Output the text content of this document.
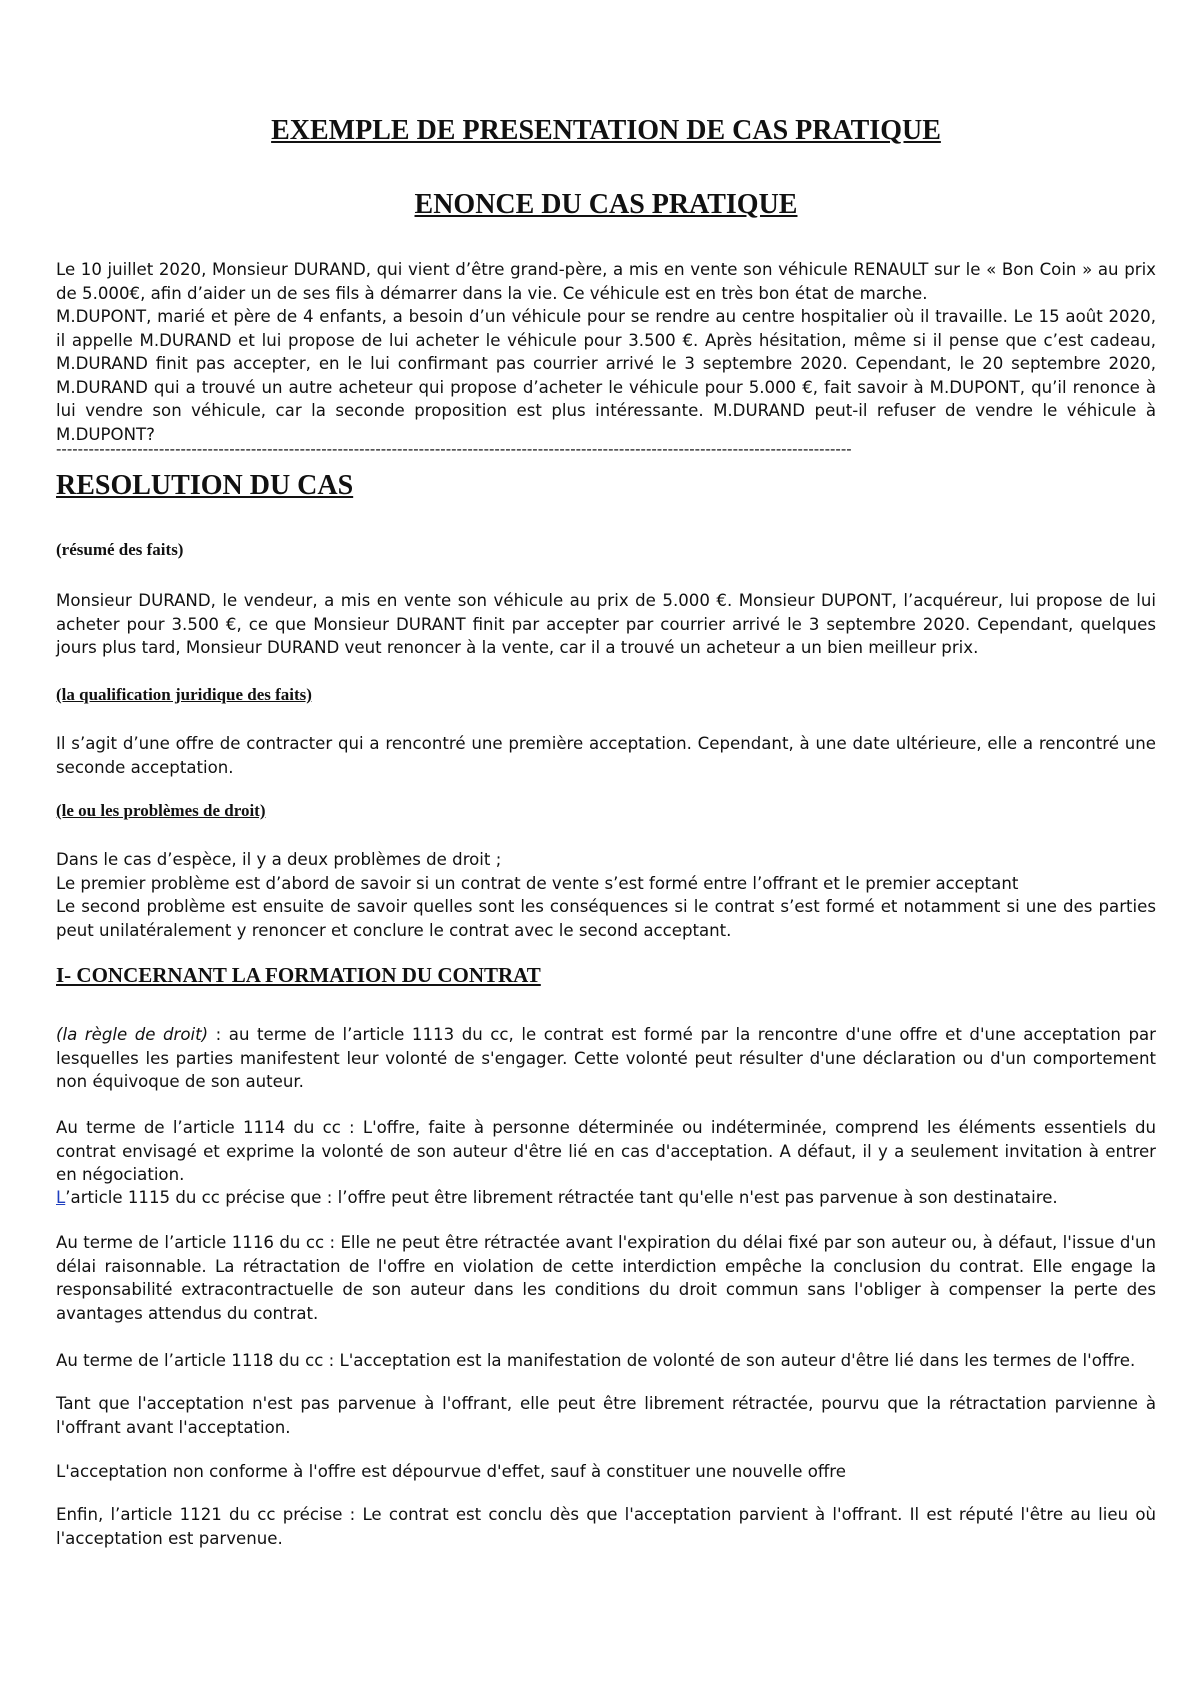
EXEMPLE DE PRESENTATION DE CAS PRATIQUE
ENONCE DU CAS PRATIQUE

Le 10 juillet 2020, Monsieur DURAND, qui vient d’être grand-père, a mis en vente son véhicule RENAULT sur le « Bon Coin » au prix de 5.000€, afin d’aider un de ses fils à démarrer dans la vie. Ce véhicule est en très bon état de marche.

M.DUPONT, marié et père de 4 enfants, a besoin d’un véhicule pour se rendre au centre hospitalier où il travaille. Le 15 août 2020, il appelle M.DURAND et lui propose de lui acheter le véhicule pour 3.500 €. Après hésitation, même si il pense que c’est cadeau, M.DURAND finit pas accepter, en le lui confirmant pas courrier arrivé le 3 septembre 2020. Cependant, le 20 septembre 2020, M.DURAND qui a trouvé un autre acheteur qui propose d’acheter le véhicule pour 5.000 €, fait savoir à M.DUPONT, qu’il renonce à lui vendre son véhicule, car la seconde proposition est plus intéressante. M.DURAND peut-il refuser de vendre le véhicule à M.DUPONT?

---------------------------------------------------------------------------------------------------------------------------------------------------
RESOLUTION DU CAS
(résumé des faits)
Monsieur DURAND, le vendeur, a mis en vente son véhicule au prix de 5.000 €. Monsieur DUPONT, l’acquéreur, lui propose de lui acheter pour 3.500 €, ce que Monsieur DURANT finit par accepter par courrier arrivé le 3 septembre 2020. Cependant, quelques jours plus tard, Monsieur DURAND veut renoncer à la vente, car il a trouvé un acheteur a un bien meilleur prix.
(la qualification juridique des faits)
Il s’agit d’une offre de contracter qui a rencontré une première acceptation. Cependant, à une date ultérieure, elle a rencontré une seconde acceptation.
(le ou les problèmes de droit)

Dans le cas d’espèce, il y a deux problèmes de droit ;

Le premier problème est d’abord de savoir si un contrat de vente s’est formé entre l’offrant et le premier acceptant

Le second problème est ensuite de savoir quelles sont les conséquences si le contrat s’est formé et notamment si une des parties peut unilatéralement y renoncer et conclure le contrat avec le second acceptant.

I- CONCERNANT LA FORMATION DU CONTRAT

(la règle de droit) : au terme de l’article 1113 du cc, le contrat est formé par la rencontre d'une offre et d'une acceptation par lesquelles les parties manifestent leur volonté de s'engager. Cette volonté peut résulter d'une déclaration ou d'un comportement non équivoque de son auteur.

Au terme de l’article 1114 du cc : L'offre, faite à personne déterminée ou indéterminée, comprend les éléments essentiels du contrat envisagé et exprime la volonté de son auteur d'être lié en cas d'acceptation. A défaut, il y a seulement invitation à entrer en négociation.

L’article 1115 du cc précise que : l’offre peut être librement rétractée tant qu'elle n'est pas parvenue à son destinataire.

Au terme de l’article 1116 du cc : Elle ne peut être rétractée avant l'expiration du délai fixé par son auteur ou, à défaut, l'issue d'un délai raisonnable. La rétractation de l'offre en violation de cette interdiction empêche la conclusion du contrat. Elle engage la responsabilité extracontractuelle de son auteur dans les conditions du droit commun sans l'obliger à compenser la perte des avantages attendus du contrat.
Au terme de l’article 1118 du cc : L'acceptation est la manifestation de volonté de son auteur d'être lié dans les termes de l'offre.
Tant que l'acceptation n'est pas parvenue à l'offrant, elle peut être librement rétractée, pourvu que la rétractation parvienne à l'offrant avant l'acceptation.
L'acceptation non conforme à l'offre est dépourvue d'effet, sauf à constituer une nouvelle offre
Enfin, l’article 1121 du cc précise : Le contrat est conclu dès que l'acceptation parvient à l'offrant. Il est réputé l'être au lieu où l'acceptation est parvenue.
